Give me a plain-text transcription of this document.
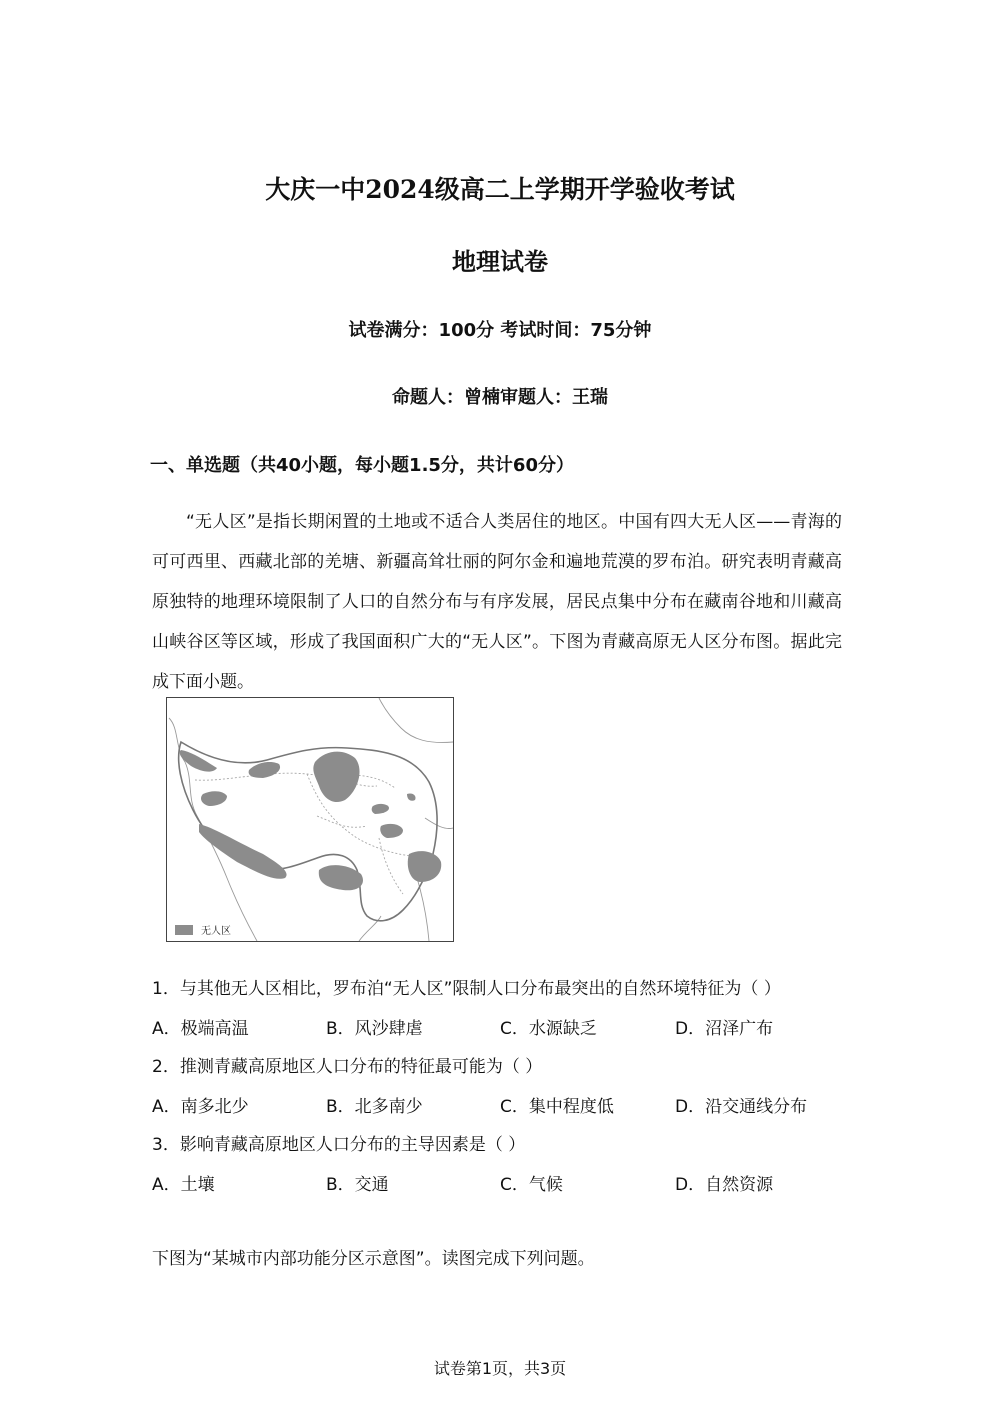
大庆一中2024级高二上学期开学验收考试
地理试卷
试卷满分：100分 考试时间：75分钟
命题人：曾楠审题人：王瑞
一、单选题（共40小题，每小题1.5分，共计60分）

“无人区”是指长期闲置的土地或不适合人类居住的地区。中国有四大无人区——青海的可可西里、西藏北部的羌塘、新疆高耸壮丽的阿尔金和遍地荒漠的罗布泊。研究表明青藏高原独特的地理环境限制了人口的自然分布与有序发展，居民点集中分布在藏南谷地和川藏高山峡谷区等区域，形成了我国面积广大的“无人区”。下图为青藏高原无人区分布图。据此完成下面小题。

无人区
1．与其他无人区相比，罗布泊“无人区”限制人口分布最突出的自然环境特征为（ ）
A．极端高温	B．风沙肆虐	C．水源缺乏	D．沼泽广布
2．推测青藏高原地区人口分布的特征最可能为（ ）
A．南多北少	B．北多南少	C．集中程度低	D．沿交通线分布
3．影响青藏高原地区人口分布的主导因素是（ ）
A．土壤	B．交通	C．气候	D．自然资源
下图为“某城市内部功能分区示意图”。读图完成下列问题。
试卷第1页，共3页
